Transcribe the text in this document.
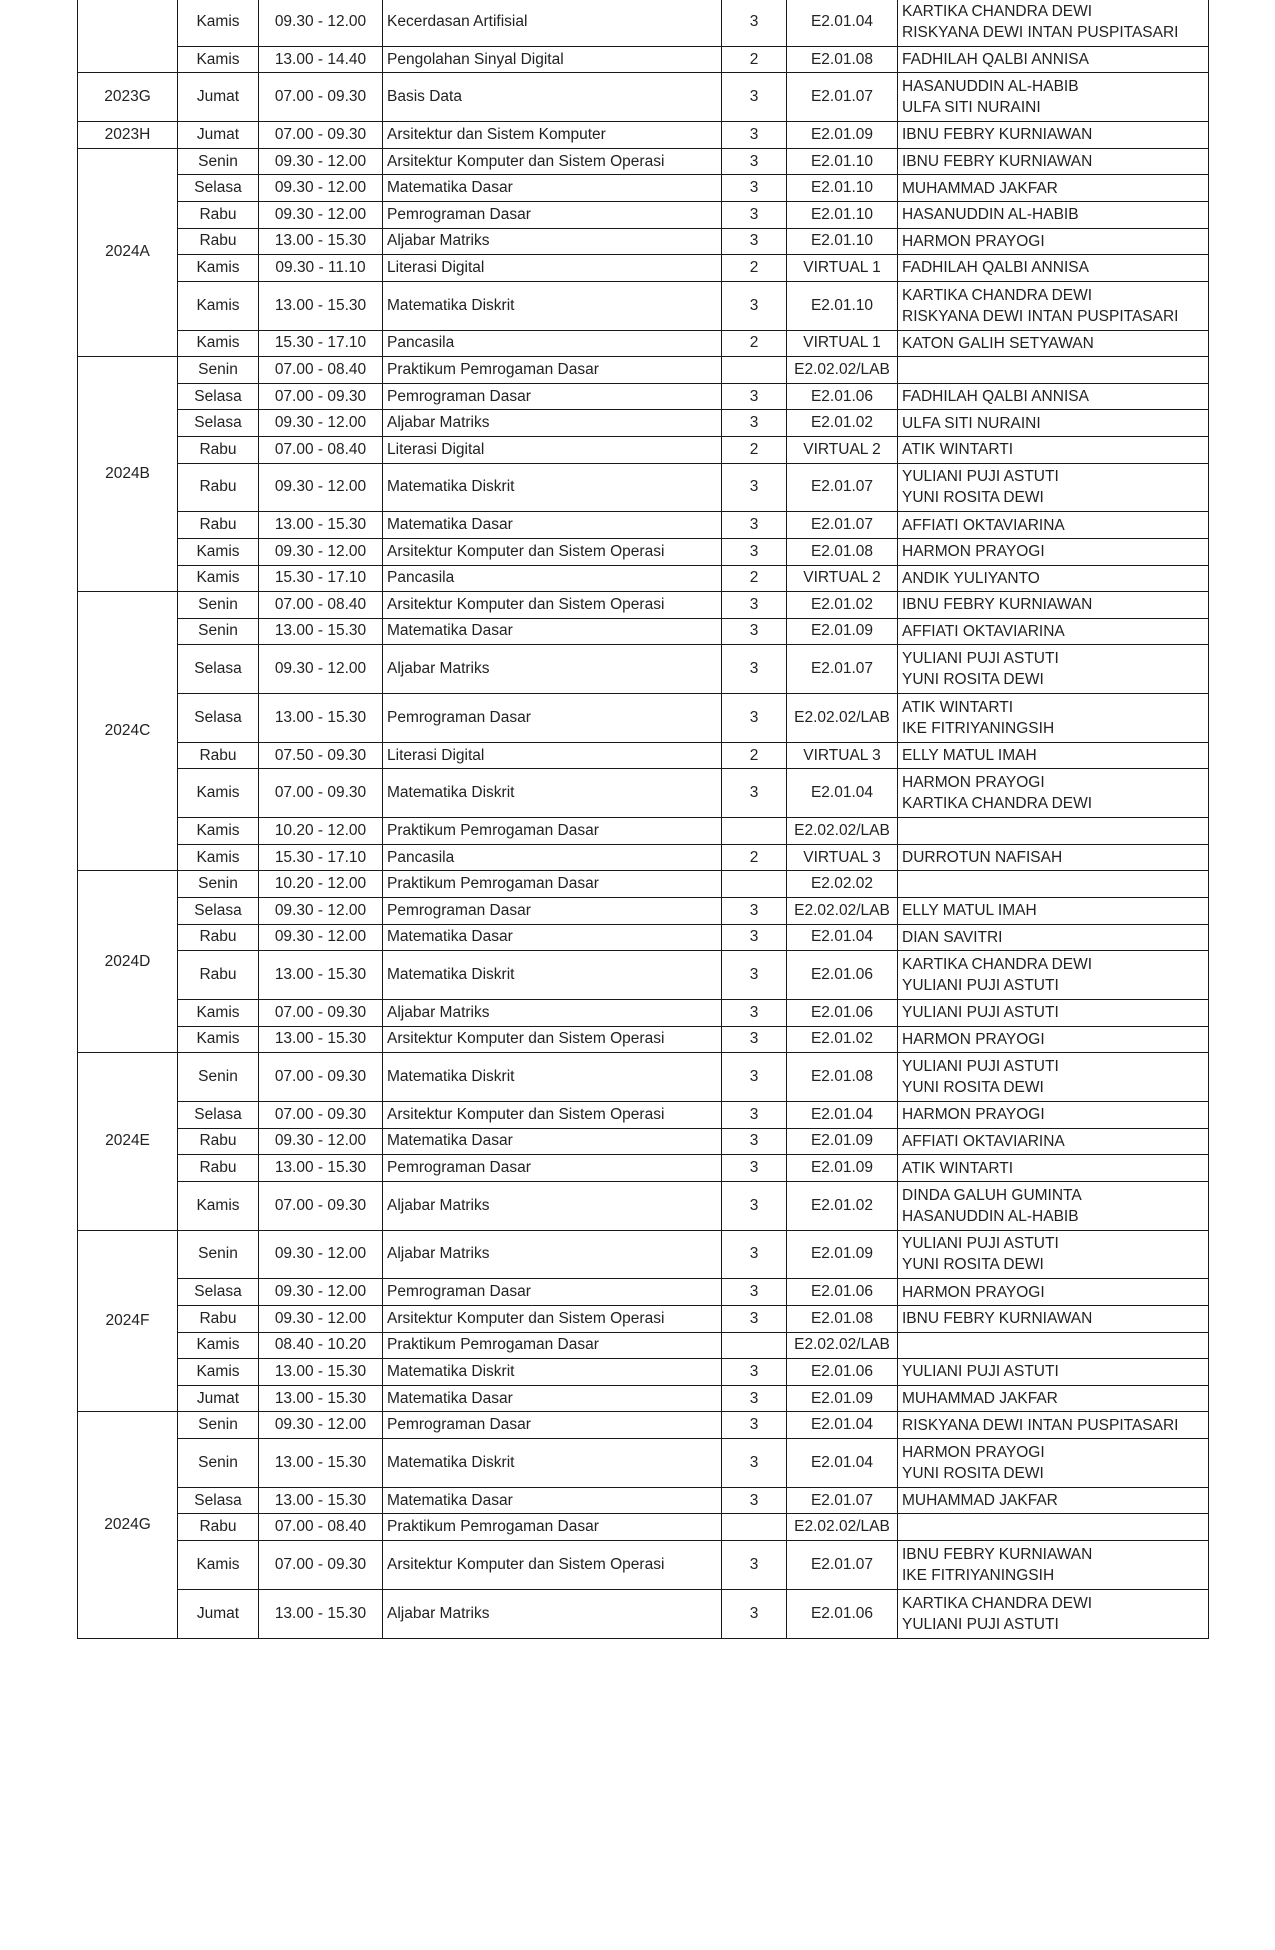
	Kamis	09.30 - 12.00	Kecerdasan Artifisial	3	E2.01.04	KARTIKA CHANDRA DEWI
RISKYANA DEWI INTAN PUSPITASARI

	Kamis	13.00 - 14.40	Pengolahan Sinyal Digital	2	E2.01.08	FADHILAH QALBI ANNISA

2023G	Jumat	07.00 - 09.30	Basis Data	3	E2.01.07	HASANUDDIN AL-HABIB
ULFA SITI NURAINI

2023H	Jumat	07.00 - 09.30	Arsitektur dan Sistem Komputer	3	E2.01.09	IBNU FEBRY KURNIAWAN

2024A	Senin	09.30 - 12.00	Arsitektur Komputer dan Sistem Operasi	3	E2.01.10	IBNU FEBRY KURNIAWAN

	Selasa	09.30 - 12.00	Matematika Dasar	3	E2.01.10	MUHAMMAD JAKFAR

	Rabu	09.30 - 12.00	Pemrograman Dasar	3	E2.01.10	HASANUDDIN AL-HABIB

	Rabu	13.00 - 15.30	Aljabar Matriks	3	E2.01.10	HARMON PRAYOGI

	Kamis	09.30 - 11.10	Literasi Digital	2	VIRTUAL 1	FADHILAH QALBI ANNISA

	Kamis	13.00 - 15.30	Matematika Diskrit	3	E2.01.10	KARTIKA CHANDRA DEWI
RISKYANA DEWI INTAN PUSPITASARI

	Kamis	15.30 - 17.10	Pancasila	2	VIRTUAL 1	KATON GALIH SETYAWAN

2024B	Senin	07.00 - 08.40	Praktikum Pemrogaman Dasar		E2.02.02/LAB	
	Selasa	07.00 - 09.30	Pemrograman Dasar	3	E2.01.06	FADHILAH QALBI ANNISA

	Selasa	09.30 - 12.00	Aljabar Matriks	3	E2.01.02	ULFA SITI NURAINI

	Rabu	07.00 - 08.40	Literasi Digital	2	VIRTUAL 2	ATIK WINTARTI

	Rabu	09.30 - 12.00	Matematika Diskrit	3	E2.01.07	YULIANI PUJI ASTUTI
YUNI ROSITA DEWI

	Rabu	13.00 - 15.30	Matematika Dasar	3	E2.01.07	AFFIATI OKTAVIARINA

	Kamis	09.30 - 12.00	Arsitektur Komputer dan Sistem Operasi	3	E2.01.08	HARMON PRAYOGI

	Kamis	15.30 - 17.10	Pancasila	2	VIRTUAL 2	ANDIK YULIYANTO

2024C	Senin	07.00 - 08.40	Arsitektur Komputer dan Sistem Operasi	3	E2.01.02	IBNU FEBRY KURNIAWAN

	Senin	13.00 - 15.30	Matematika Dasar	3	E2.01.09	AFFIATI OKTAVIARINA

	Selasa	09.30 - 12.00	Aljabar Matriks	3	E2.01.07	YULIANI PUJI ASTUTI
YUNI ROSITA DEWI

	Selasa	13.00 - 15.30	Pemrograman Dasar	3	E2.02.02/LAB	ATIK WINTARTI
IKE FITRIYANINGSIH

	Rabu	07.50 - 09.30	Literasi Digital	2	VIRTUAL 3	ELLY MATUL IMAH

	Kamis	07.00 - 09.30	Matematika Diskrit	3	E2.01.04	HARMON PRAYOGI
KARTIKA CHANDRA DEWI

	Kamis	10.20 - 12.00	Praktikum Pemrogaman Dasar		E2.02.02/LAB	
	Kamis	15.30 - 17.10	Pancasila	2	VIRTUAL 3	DURROTUN NAFISAH

2024D	Senin	10.20 - 12.00	Praktikum Pemrogaman Dasar		E2.02.02	
	Selasa	09.30 - 12.00	Pemrograman Dasar	3	E2.02.02/LAB	ELLY MATUL IMAH

	Rabu	09.30 - 12.00	Matematika Dasar	3	E2.01.04	DIAN SAVITRI

	Rabu	13.00 - 15.30	Matematika Diskrit	3	E2.01.06	KARTIKA CHANDRA DEWI
YULIANI PUJI ASTUTI

	Kamis	07.00 - 09.30	Aljabar Matriks	3	E2.01.06	YULIANI PUJI ASTUTI

	Kamis	13.00 - 15.30	Arsitektur Komputer dan Sistem Operasi	3	E2.01.02	HARMON PRAYOGI

2024E	Senin	07.00 - 09.30	Matematika Diskrit	3	E2.01.08	YULIANI PUJI ASTUTI
YUNI ROSITA DEWI

	Selasa	07.00 - 09.30	Arsitektur Komputer dan Sistem Operasi	3	E2.01.04	HARMON PRAYOGI

	Rabu	09.30 - 12.00	Matematika Dasar	3	E2.01.09	AFFIATI OKTAVIARINA

	Rabu	13.00 - 15.30	Pemrograman Dasar	3	E2.01.09	ATIK WINTARTI

	Kamis	07.00 - 09.30	Aljabar Matriks	3	E2.01.02	DINDA GALUH GUMINTA
HASANUDDIN AL-HABIB

2024F	Senin	09.30 - 12.00	Aljabar Matriks	3	E2.01.09	YULIANI PUJI ASTUTI
YUNI ROSITA DEWI

	Selasa	09.30 - 12.00	Pemrograman Dasar	3	E2.01.06	HARMON PRAYOGI

	Rabu	09.30 - 12.00	Arsitektur Komputer dan Sistem Operasi	3	E2.01.08	IBNU FEBRY KURNIAWAN

	Kamis	08.40 - 10.20	Praktikum Pemrogaman Dasar		E2.02.02/LAB	
	Kamis	13.00 - 15.30	Matematika Diskrit	3	E2.01.06	YULIANI PUJI ASTUTI

	Jumat	13.00 - 15.30	Matematika Dasar	3	E2.01.09	MUHAMMAD JAKFAR

2024G	Senin	09.30 - 12.00	Pemrograman Dasar	3	E2.01.04	RISKYANA DEWI INTAN PUSPITASARI

	Senin	13.00 - 15.30	Matematika Diskrit	3	E2.01.04	HARMON PRAYOGI
YUNI ROSITA DEWI

	Selasa	13.00 - 15.30	Matematika Dasar	3	E2.01.07	MUHAMMAD JAKFAR

	Rabu	07.00 - 08.40	Praktikum Pemrogaman Dasar		E2.02.02/LAB	
	Kamis	07.00 - 09.30	Arsitektur Komputer dan Sistem Operasi	3	E2.01.07	IBNU FEBRY KURNIAWAN
IKE FITRIYANINGSIH

	Jumat	13.00 - 15.30	Aljabar Matriks	3	E2.01.06	KARTIKA CHANDRA DEWI
YULIANI PUJI ASTUTI
